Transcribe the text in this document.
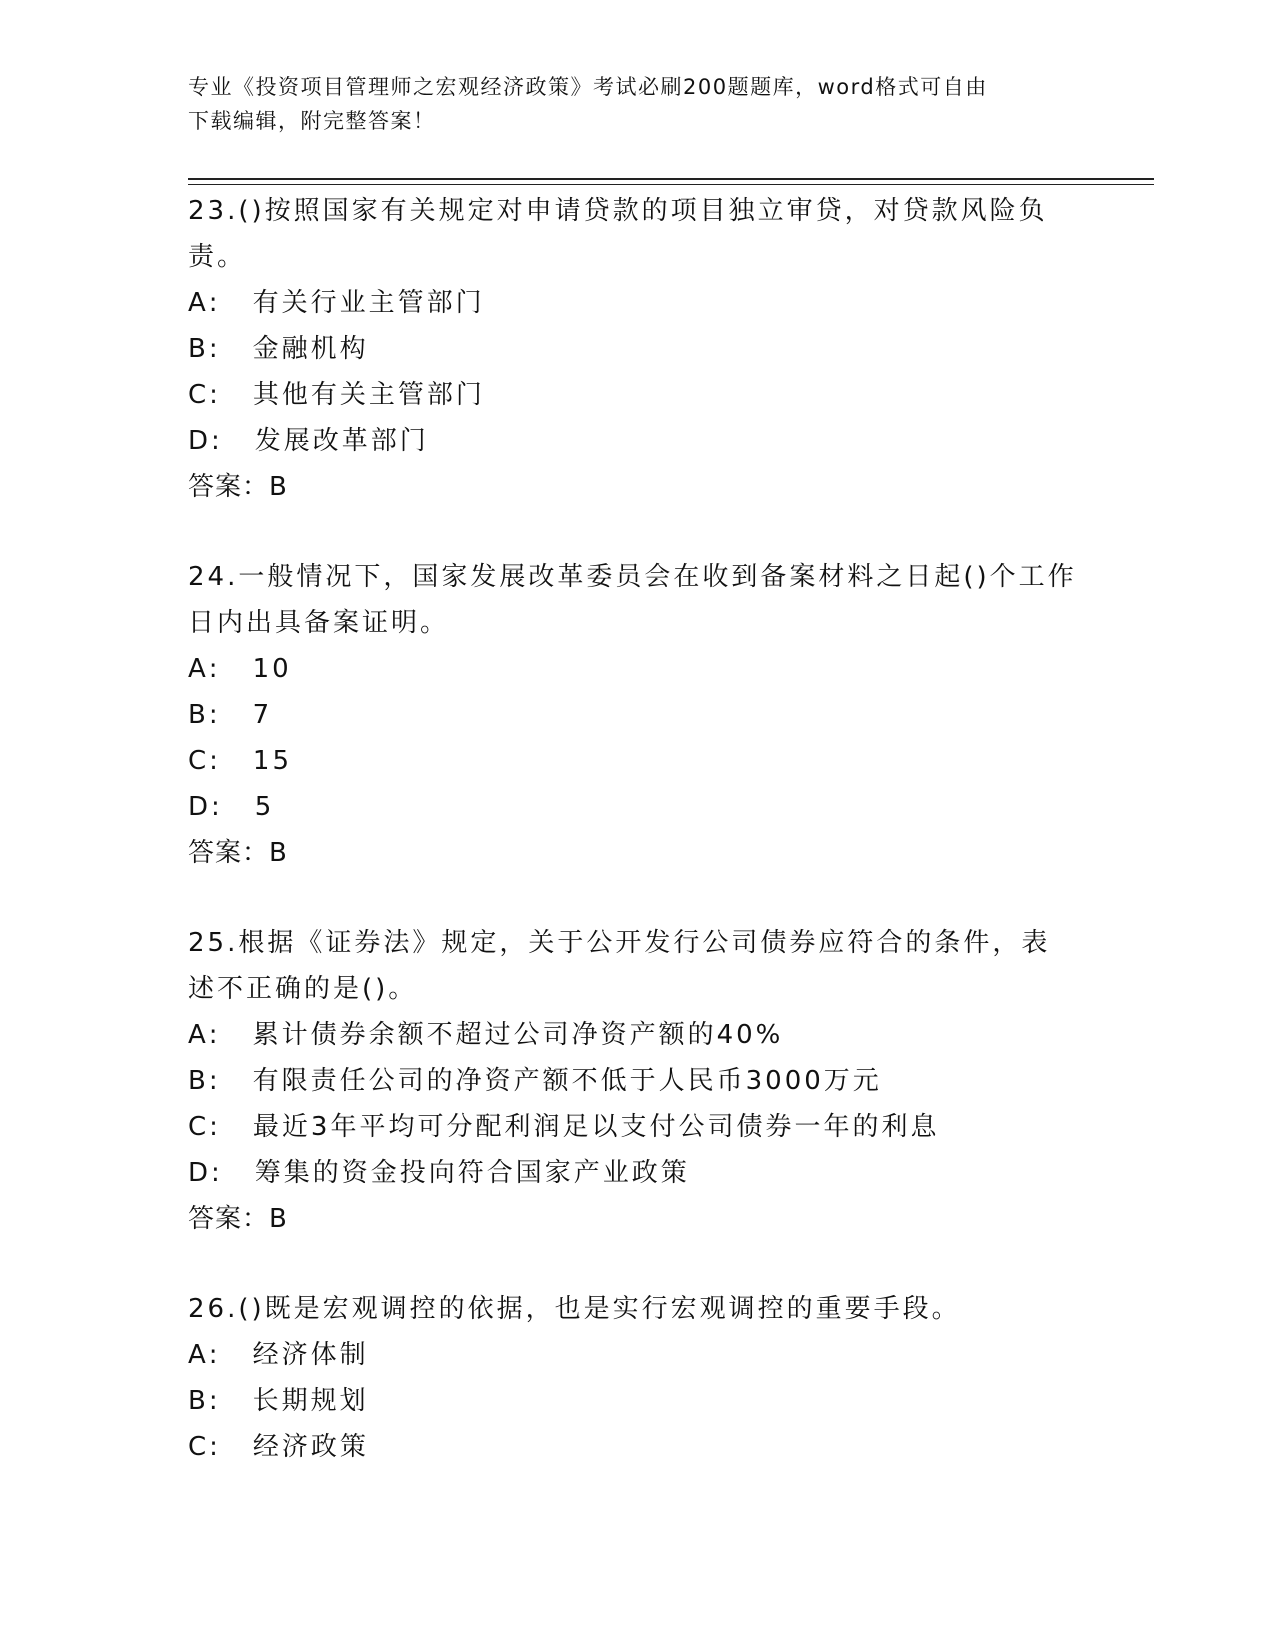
专业《投资项目管理师之宏观经济政策》考试必刷200题题库，word格式可自由
下载编辑，附完整答案！
23.()按照国家有关规定对申请贷款的项目独立审贷，对贷款风险负责。
A: 有关行业主管部门
B: 金融机构
C: 其他有关主管部门
D: 发展改革部门
答案：B
24.一般情况下，国家发展改革委员会在收到备案材料之日起()个工作日内出具备案证明。
A: 10
B: 7
C: 15
D: 5
答案：B
25.根据《证券法》规定，关于公开发行公司债券应符合的条件，表述不正确的是()。
A: 累计债券余额不超过公司净资产额的40%
B: 有限责任公司的净资产额不低于人民币3000万元
C: 最近3年平均可分配利润足以支付公司债券一年的利息
D: 筹集的资金投向符合国家产业政策
答案：B
26.()既是宏观调控的依据，也是实行宏观调控的重要手段。
A: 经济体制
B: 长期规划
C: 经济政策
